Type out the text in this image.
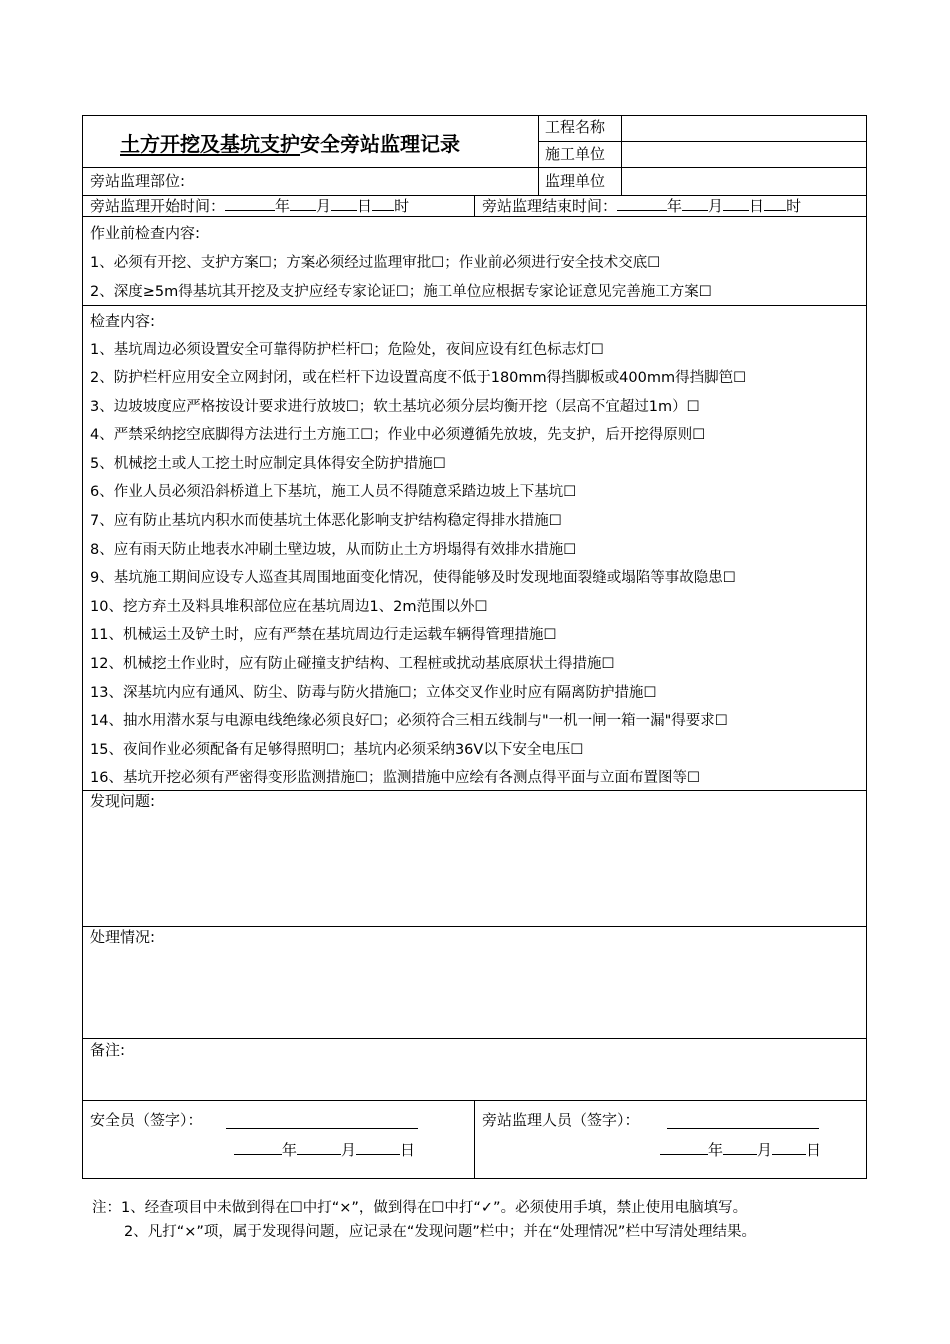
土方开挖及基坑支护安全旁站监理记录
工程名称
施工单位
监理单位
旁站监理部位:
旁站监理开始时间：	年 月 日 时	旁站监理结束时间：	年 月 日 时
作业前检查内容:
1、必须有开挖、支护方案☐；方案必须经过监理审批☐；作业前必须进行安全技术交底☐
2、深度≥5m得基坑其开挖及支护应经专家论证☐；施工单位应根据专家论证意见完善施工方案☐
检查内容:
1、基坑周边必须设置安全可靠得防护栏杆☐；危险处，夜间应设有红色标志灯☐
2、防护栏杆应用安全立网封闭，或在栏杆下边设置高度不低于180mm得挡脚板或400mm得挡脚笆☐
3、边坡坡度应严格按设计要求进行放坡☐；软土基坑必须分层均衡开挖（层高不宜超过1m）☐
4、严禁采纳挖空底脚得方法进行土方施工☐；作业中必须遵循先放坡，先支护，后开挖得原则☐
5、机械挖土或人工挖土时应制定具体得安全防护措施☐
6、作业人员必须沿斜桥道上下基坑，施工人员不得随意采踏边坡上下基坑☐
7、应有防止基坑内积水而使基坑土体恶化影响支护结构稳定得排水措施☐
8、应有雨天防止地表水冲刷土壁边坡，从而防止土方坍塌得有效排水措施☐
9、基坑施工期间应设专人巡查其周围地面变化情况，使得能够及时发现地面裂缝或塌陷等事故隐患☐
10、挖方弃土及料具堆积部位应在基坑周边1、2m范围以外☐
11、机械运土及铲土时，应有严禁在基坑周边行走运载车辆得管理措施☐
12、机械挖土作业时，应有防止碰撞支护结构、工程桩或扰动基底原状土得措施☐
13、深基坑内应有通风、防尘、防毒与防火措施☐；立体交叉作业时应有隔离防护措施☐
14、抽水用潜水泵与电源电线绝缘必须良好☐；必须符合三相五线制与"一机一闸一箱一漏"得要求☐
15、夜间作业必须配备有足够得照明☐；基坑内必须采纳36V以下安全电压☐
16、基坑开挖必须有严密得变形监测措施☐；监测措施中应绘有各测点得平面与立面布置图等☐
发现问题:
处理情况:
备注:
安全员（签字）：
年	月	日
旁站监理人员（签字）：
年 月 日
注：1、经查项目中未做到得在☐中打“×”，做到得在☐中打“✓”。必须使用手填，禁止使用电脑填写。
2、凡打“×”项，属于发现得问题，应记录在“发现问题”栏中；并在“处理情况”栏中写清处理结果。
